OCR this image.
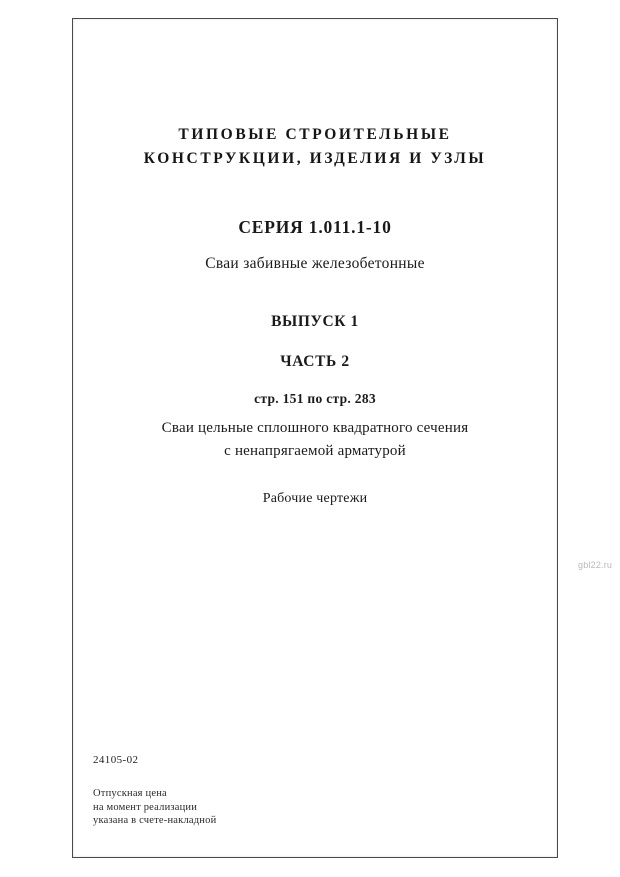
ТИПОВЫЕ СТРОИТЕЛЬНЫЕ
КОНСТРУКЦИИ, ИЗДЕЛИЯ И УЗЛЫ
СЕРИЯ 1.011.1-10
Сваи забивные железобетонные
ВЫПУСК 1
ЧАСТЬ 2
стр. 151 по стр. 283
Сваи цельные сплошного квадратного сечения
с ненапрягаемой арматурой
Рабочие чертежи
24105-02
Отпускная цена
на момент реализации
указана в счете-накладной
gbl22.ru
